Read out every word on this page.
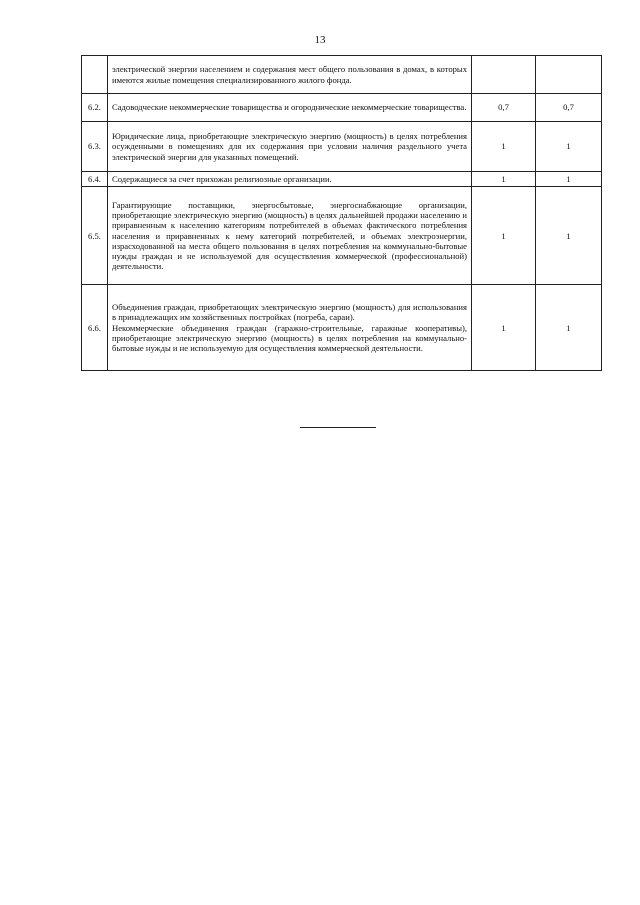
13

	электрической энергии населением и содержания мест общего пользования в домах, в которых имеются жилые помещения специализированного жилого фонда.		

6.2.	Садоводческие некоммерческие товарищества и огороднические некоммерческие товарищества.	0,7	0,7
6.3.	Юридические лица, приобретающие электрическую энергию (мощность) в целях потребления осужденными в помещениях для их содержания при условии наличия раздельного учета электрической энергии для указанных помещений.	1	1
6.4.	Содержащиеся за счет прихожан религиозные организации.	1	1
6.5.	Гарантирующие поставщики, энергосбытовые, энергоснабжающие организации, приобретающие электрическую энергию (мощность) в целях дальнейшей продажи населению и приравненным к населению категориям потребителей в объемах фактического потребления населения и приравненных к нему категорий потребителей, и объемах электроэнергии, израсходованной на места общего пользования в целях потребления на коммунально-бытовые нужды граждан и не используемой для осуществления коммерческой (профессиональной) деятельности.	1	1
6.6.	Объединения граждан, приобретающих электрическую энергию (мощность) для использования в принадлежащих им хозяйственных постройках (погреба, сараи).
Некоммерческие объединения граждан (гаражно-строительные, гаражные кооперативы), приобретающие электрическую энергию (мощность) в целях потребления на коммунально-бытовые нужды и не используемую для осуществления коммерческой деятельности.	1	1
